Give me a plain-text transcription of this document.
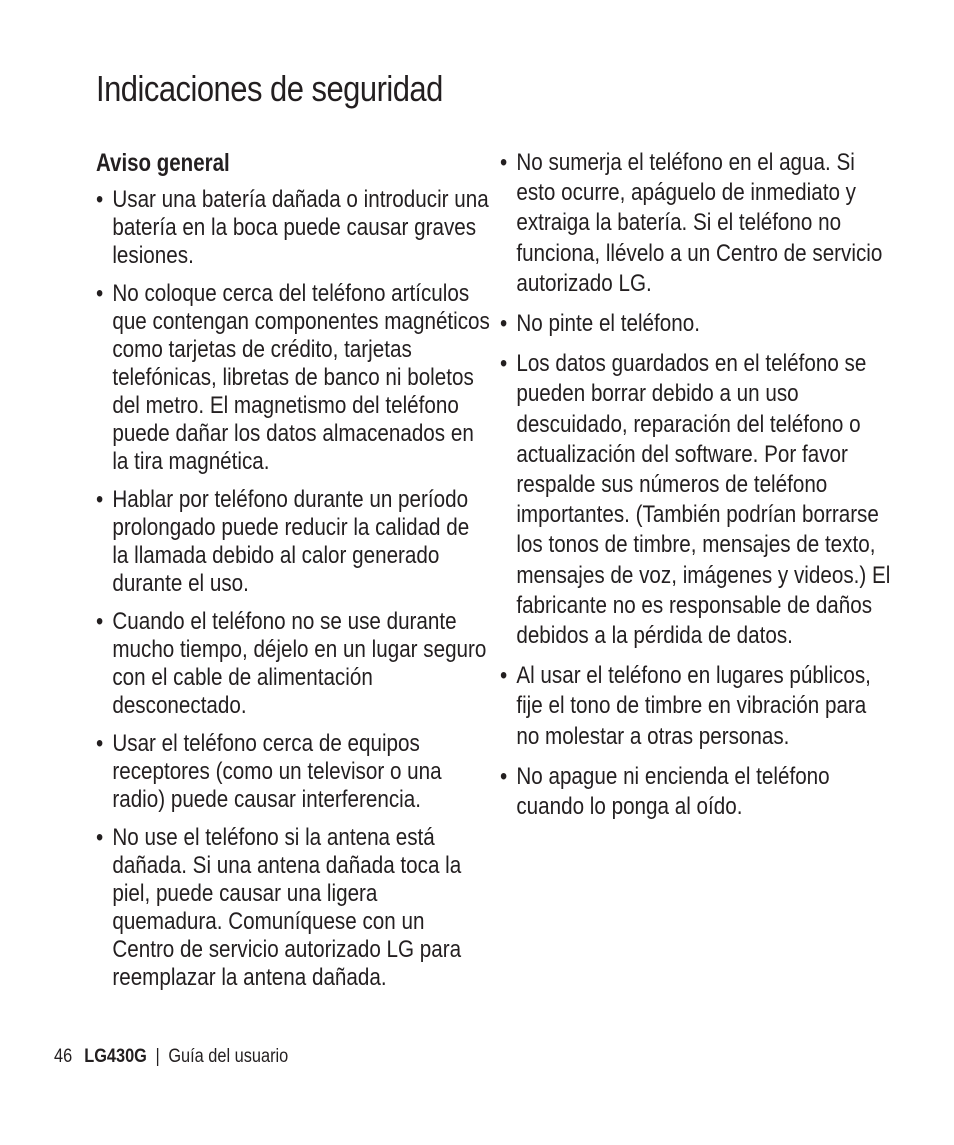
Indicaciones de seguridad
Aviso general
• Usar una batería dañada o introducir una batería en la boca puede causar graves lesiones.
• No coloque cerca del teléfono artículos que contengan componentes magnéticos como tarjetas de crédito, tarjetas telefónicas, libretas de banco ni boletos del metro. El magnetismo del teléfono puede dañar los datos almacenados en la tira magnética.
• Hablar por teléfono durante un período prolongado puede reducir la calidad de la llamada debido al calor generado durante el uso.
• Cuando el teléfono no se use durante mucho tiempo, déjelo en un lugar seguro con el cable de alimentación desconectado.
• Usar el teléfono cerca de equipos receptores (como un televisor o una radio) puede causar interferencia.
• No use el teléfono si la antena está dañada. Si una antena dañada toca la piel, puede causar una ligera quemadura. Comuníquese con un Centro de servicio autorizado LG para reemplazar la antena dañada.
• No sumerja el teléfono en el agua. Si esto ocurre, apáguelo de inmediato y extraiga la batería. Si el teléfono no funciona, llévelo a un Centro de servicio autorizado LG.
• No pinte el teléfono.
• Los datos guardados en el teléfono se pueden borrar debido a un uso descuidado, reparación del teléfono o actualización del software. Por favor respalde sus números de teléfono importantes. (También podrían borrarse los tonos de timbre, mensajes de texto, mensajes de voz, imágenes y videos.) El fabricante no es responsable de daños debidos a la pérdida de datos.
• Al usar el teléfono en lugares públicos, fije el tono de timbre en vibración para no molestar a otras personas.
• No apague ni encienda el teléfono cuando lo ponga al oído.
46 LG430G | Guía del usuario
